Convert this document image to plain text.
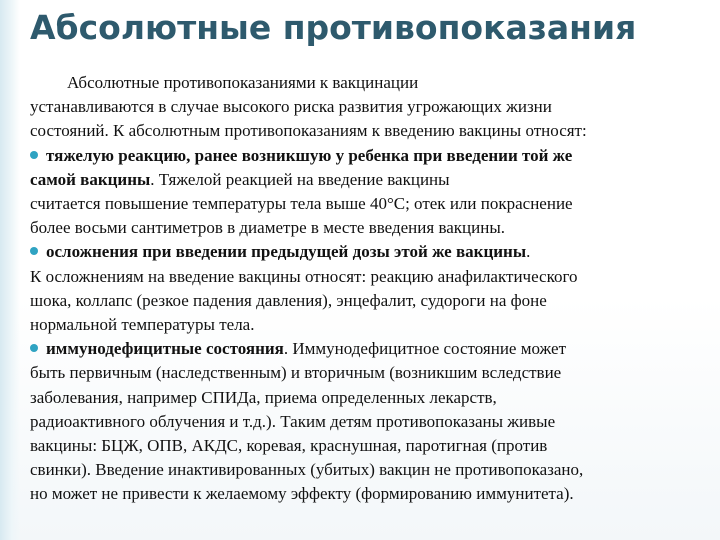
Абсолютные противопоказания
Абсолютные противопоказаниями к вакцинации
устанавливаются в случае высокого риска развития угрожающих жизни
состояний. К абсолютным противопоказаниям к введению вакцины относят:
тяжелую реакцию, ранее возникшую у ребенка при введении той же
самой вакцины. Тяжелой реакцией на введение вакцины
считается повышение температуры тела выше 40°С; отек или покраснение
более восьми сантиметров в диаметре в месте введения вакцины.
осложнения при введении предыдущей дозы этой же вакцины.
К осложнениям на введение вакцины относят: реакцию анафилактического
шока, коллапс (резкое падения давления), энцефалит, судороги на фоне
нормальной температуры тела.
иммунодефицитные состояния. Иммунодефицитное состояние может
быть первичным (наследственным) и вторичным (возникшим вследствие
заболевания, например СПИДа, приема определенных лекарств,
радиоактивного облучения и т.д.). Таким детям противопоказаны живые
вакцины: БЦЖ, ОПВ, АКДС, коревая, краснушная, паротигная (против
свинки). Введение инактивированных (убитых) вакцин не противопоказано,
но может не привести к желаемому эффекту (формированию иммунитета).
